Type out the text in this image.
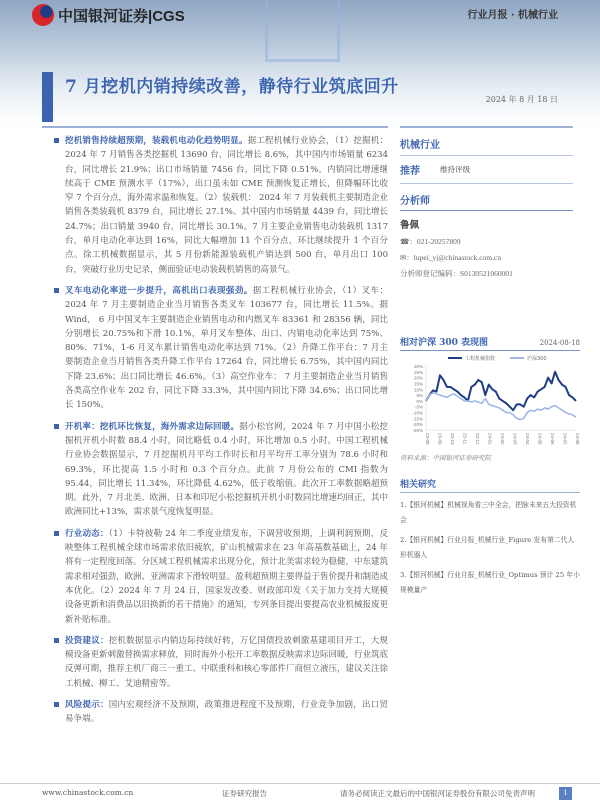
中国银河证券|CGS	行业月报 · 机械行业
7 月挖机内销持续改善，静待行业筑底回升
2024 年 8 月 18 日

挖机销售持续超预期，装载机电动化趋势明显。据工程机械行业协会，（1）挖掘机： 2024 年 7 月销售各类挖掘机 13690 台，同比增长 8.6%，其中国内市场销量 6234 台，同比增长 21.9%；出口市场销量 7456 台，同比下降 0.51%。内销同比增速继续高于 CME 预测水平（17%），出口虽未如 CME 预测恢复正增长，但降幅环比收窄 7 个百分点，海外需求温和恢复。（2）装载机： 2024 年 7 月装载机主要制造企业销售各类装载机 8379 台，同比增长 27.1%。其中国内市场销量 4439 台，同比增长 24.7%；出口销量 3940 台，同比增长 30.1%。7 月主要企业销售电动装载机 1317 台，单月电动化率达到 16%，同比大幅增加 11 个百分点，环比继续提升 1 个百分点。徐工机械数据显示，其 5 月份新能源装载机产销达到 500 台，单月出口 100 台，突破行业历史记录，侧面验证电动装载机销售的高景气。

叉车电动化率进一步提升，高机出口表现强劲。据工程机械行业协会，（1）叉车： 2024 年 7 月主要制造企业当月销售各类叉车 103677 台，同比增长 11.5%。据 Wind， 6 月中国叉车主要制造企业销售电动和内燃叉车 83361 和 28356 辆，同比分别增长 20.75%和下滑 10.1%，单月叉车整体、出口、内销电动化率达到 75%、80%、71%，1-6 月叉车累计销售电动化率达到 71%。（2）升降工作平台：7 月主要制造企业当月销售各类升降工作平台 17264 台，同比增长 6.75%，其中国内同比下降 23.6%；出口同比增长 46.6%。（3）高空作业车： 7 月主要制造企业当月销售各类高空作业车 202 台，同比下降 33.3%，其中国内同比下降 34.6%；出口同比增长 150%。

开机率：挖机环比恢复，海外需求边际回暖。据小松官网，2024 年 7 月中国小松挖掘机开机小时数 88.4 小时，同比略低 0.4 小时，环比增加 0.5 小时。中国工程机械行业协会数据显示，7 月挖掘机月平均工作时长和月平均开工率分别为 78.6 小时和 69.3%，环比提高 1.5 小时和 0.3 个百分点。此前 7 月份公布的 CMI 指数为 95.44，同比增长 11.34%，环比降低 4.62%，低于收缩值。此次开工率数据略超预期。此外，7 月北美、欧洲、日本和印尼小松挖掘机开机小时数同比增速均回正，其中欧洲同比+13%，需求景气度恢复明显。

行业动态：（1）卡特彼勒 24 年二季度业绩发布，下调营收预期，上调利润预期，反映整体工程机械全球市场需求依旧疲软，矿山机械需求在 23 年高基数基础上，24 年将有一定程度回落。分区域工程机械需求出现分化，预计北美需求较为稳健，中东建筑需求相对强劲，欧洲、亚洲需求下滑较明显。盈利超预期主要得益于售价提升和制造成本优化。（2）2024 年 7 月 24 日，国家发改委、财政部印发《关于加力支持大规模设备更新和消费品以旧换新的若干措施》的通知，专列条目提出要提高农业机械报废更新补贴标准。

投资建议：挖机数据显示内销边际持续好转，万亿国债投放刺激基建项目开工，大规模设备更新刺激替换需求释放，同时海外小松开工率数据反映需求边际回暖，行业筑底反弹可期，推荐主机厂商三一重工、中联重科和核心零部件厂商恒立液压，建议关注徐工机械、柳工、艾迪精密等。

风险提示：国内宏观经济不及预期，政策推进程度不及预期，行业竞争加剧，出口贸易争端。

机械行业
推荐	维持评级
分析师
鲁佩
☎：021-20257809
✉：lupei_yj@chinastock.com.cn
分析师登记编码：S0130521060001
相对沪深 300 表现图	2024-08-18
30%
25%
20%
15%
10%
5%
0%
-5%
-10%
-15%
-20%
-25%
23-08 23-09 23-10 23-11 23-12 24-01 24-02 24-03 24-04 24-05 24-06 24-07 24-08
工程机械指数	沪深300
资料来源：中国银河证券研究院
相关研究
1.【银河机械】机械视角看三中全会，把脉未来五大投资机会
2.【银河机械】行业月报_机械行业_Figure 发布第二代人形机器人
3.【银河机械】行业月报_机械行业_Optimus 预计 25 年小规模量产
www.chinastock.com.cn	证券研究报告	请务必阅读正文最后的中国银河证券股份有限公司免责声明	1
